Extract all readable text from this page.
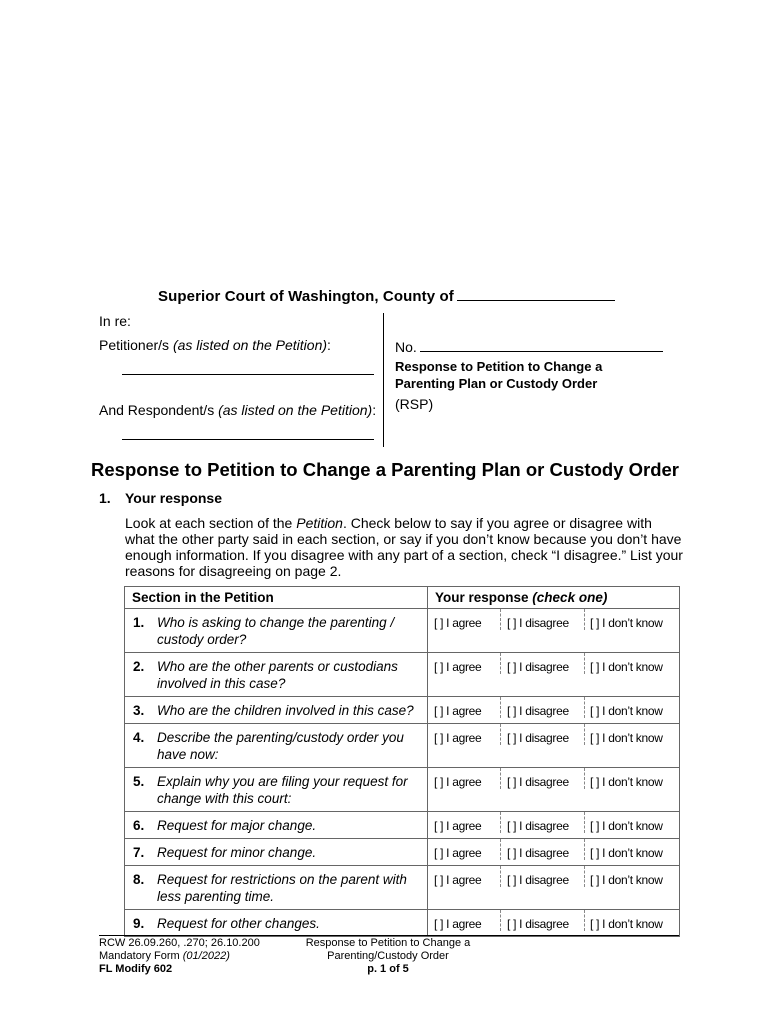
Superior Court of Washington, County of
In re:
Petitioner/s (as listed on the Petition):
And Respondent/s (as listed on the Petition):
No.
Response to Petition to Change a
Parenting Plan or Custody Order
(RSP)
Response to Petition to Change a Parenting Plan or Custody Order
1. Your response
Look at each section of the Petition. Check below to say if you agree or disagree with what the other party said in each section, or say if you don’t know because you don’t have enough information. If you disagree with any part of a section, check “I disagree.” List your reasons for disagreeing on page 2.
Section in the Petition	Your response (check one)

1. Who is asking to change the parenting / custody order?	[ ] I agree [ ] I disagree [ ] I don’t know

2. Who are the other parents or custodians involved in this case?	[ ] I agree [ ] I disagree [ ] I don’t know

3. Who are the children involved in this case?	[ ] I agree [ ] I disagree [ ] I don’t know

4. Describe the parenting/custody order you have now:	[ ] I agree [ ] I disagree [ ] I don’t know

5. Explain why you are filing your request for change with this court:	[ ] I agree [ ] I disagree [ ] I don’t know

6. Request for major change.	[ ] I agree [ ] I disagree [ ] I don’t know

7. Request for minor change.	[ ] I agree [ ] I disagree [ ] I don’t know

8. Request for restrictions on the parent with less parenting time.	[ ] I agree [ ] I disagree [ ] I don’t know

9. Request for other changes.	[ ] I agree [ ] I disagree [ ] I don’t know
RCW 26.09.260, .270; 26.10.200
Mandatory Form (01/2022)
FL Modify 602
Response to Petition to Change a
Parenting/Custody Order
p. 1 of 5
